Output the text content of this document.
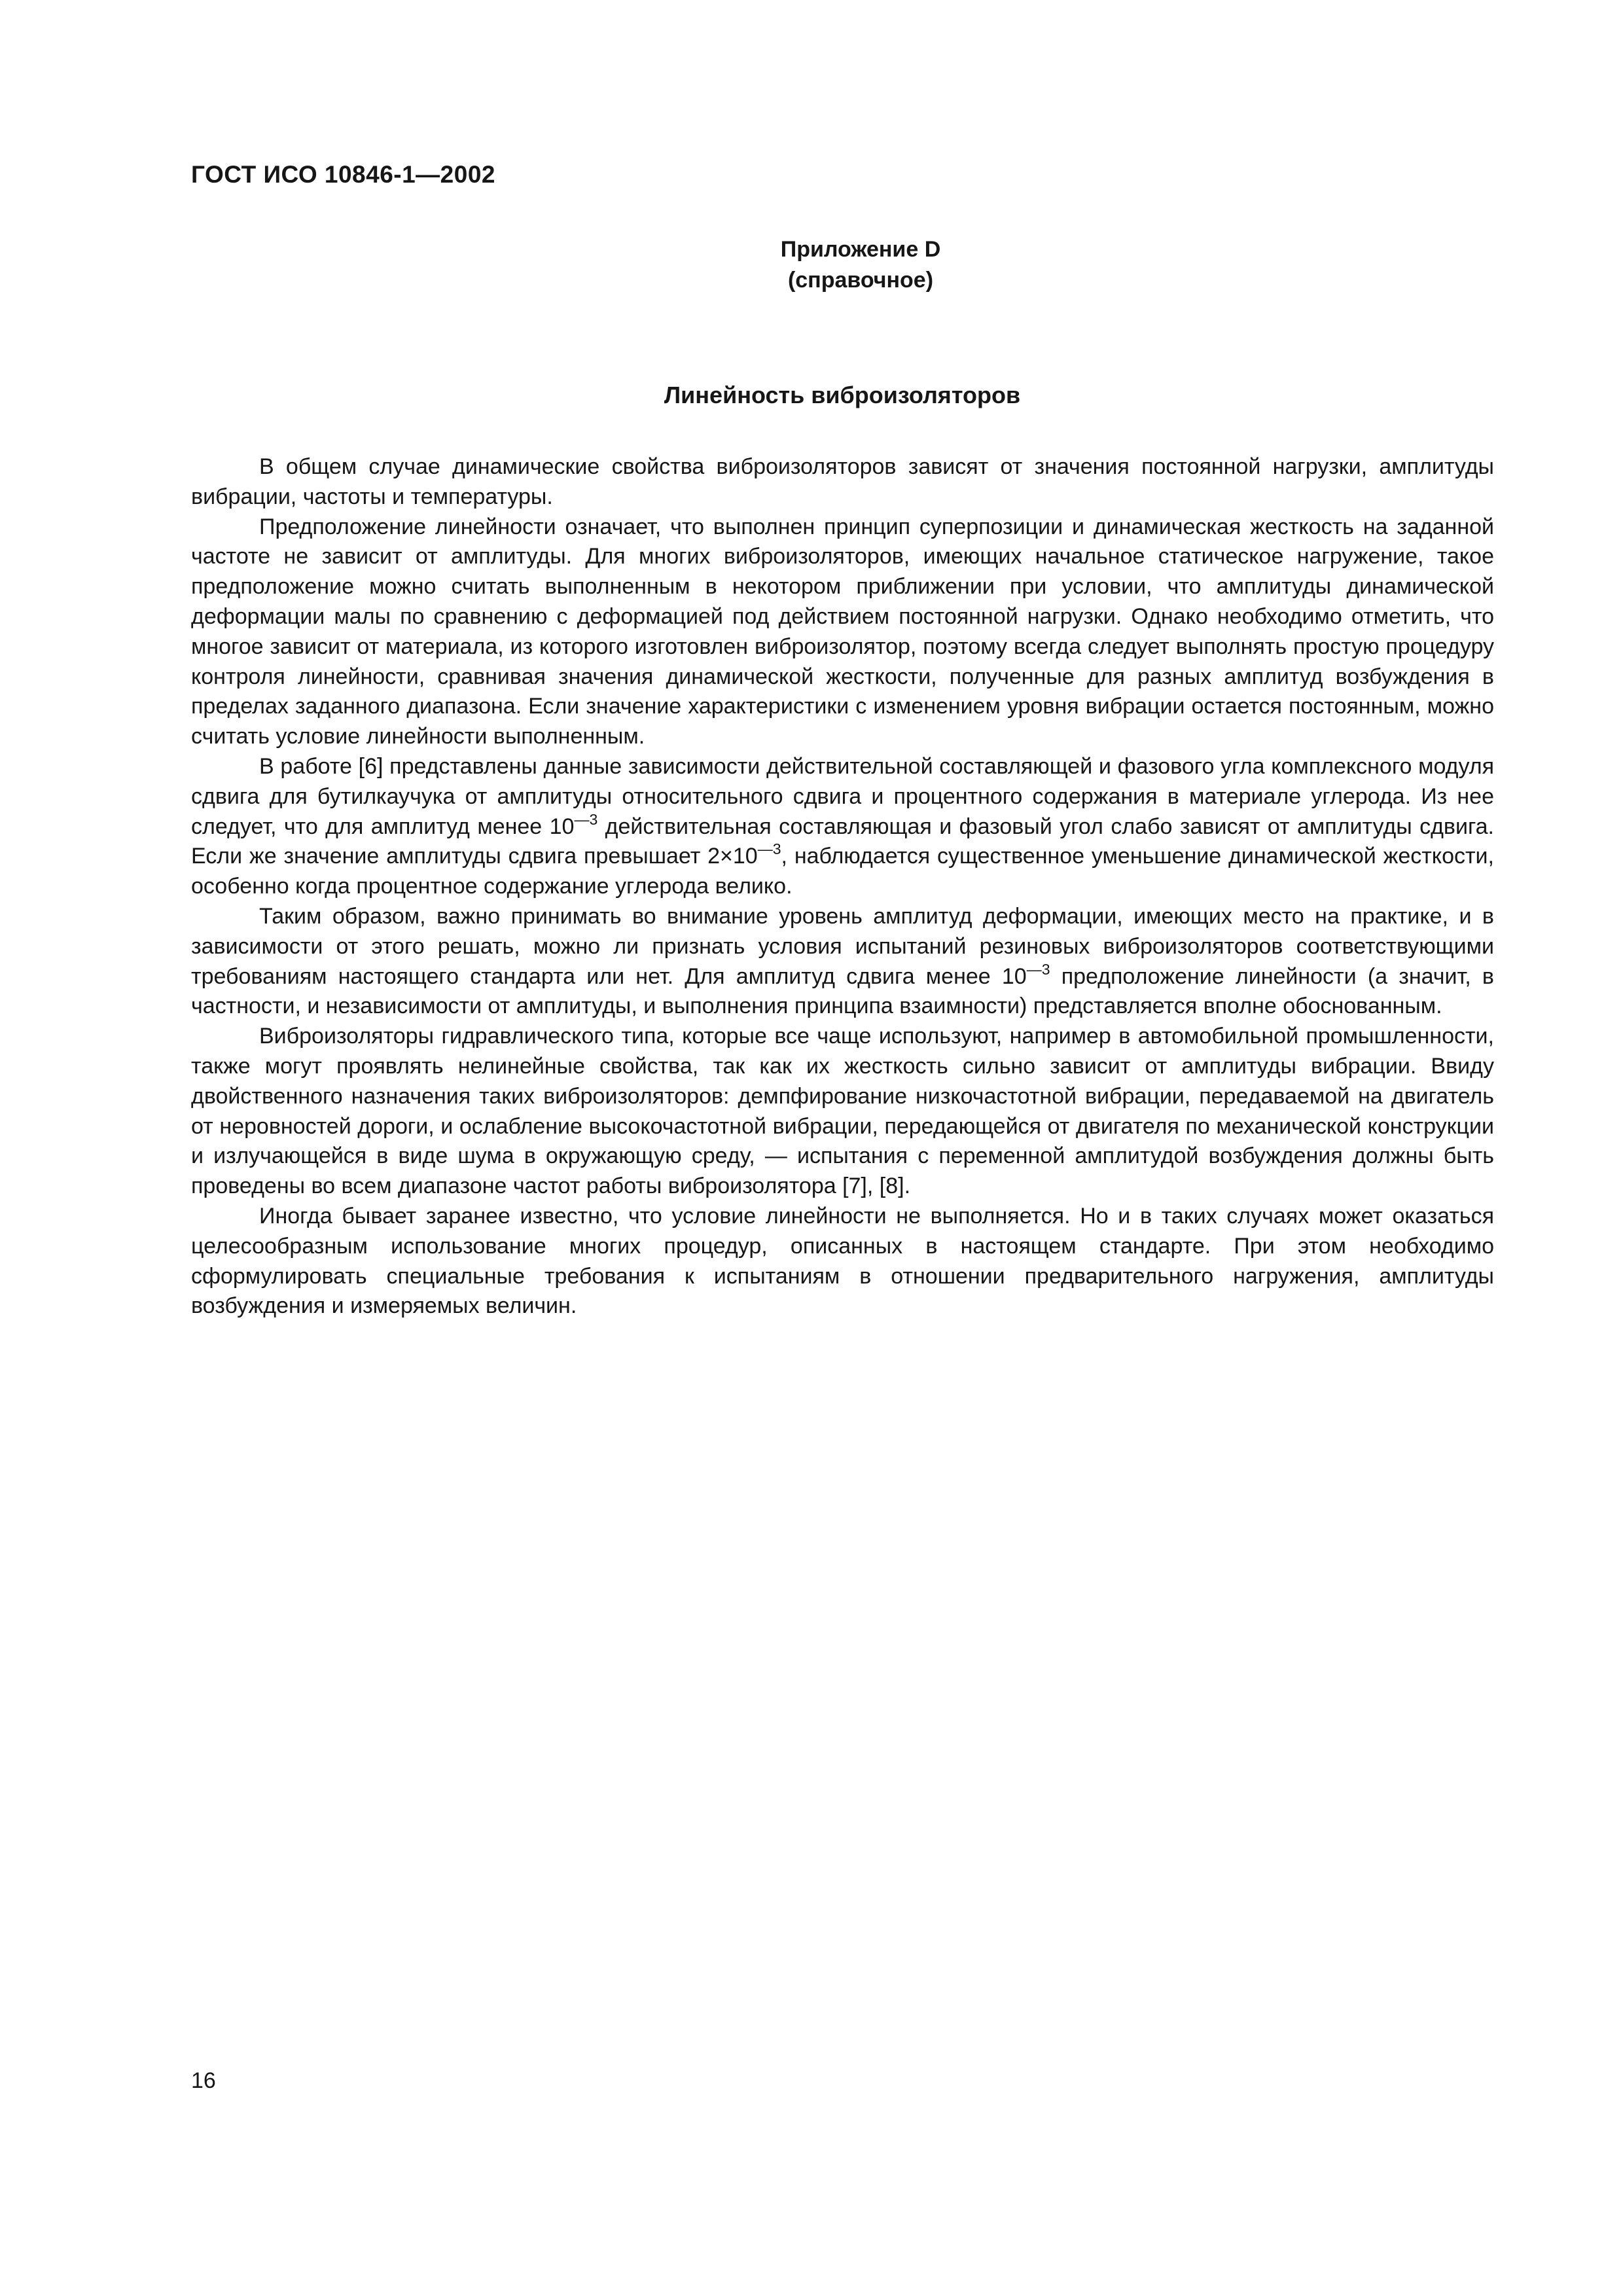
ГОСТ ИСО 10846-1—2002
Приложение D
(справочное)
Линейность виброизоляторов

В общем случае динамические свойства виброизоляторов зависят от значения постоянной нагрузки, амплитуды вибрации, частоты и температуры.

Предположение линейности означает, что выполнен принцип суперпозиции и динамическая жесткость на заданной частоте не зависит от амплитуды. Для многих виброизоляторов, имеющих начальное статическое нагружение, такое предположение можно считать выполненным в некотором приближении при условии, что амплитуды динамической деформации малы по сравнению с деформацией под действием постоянной нагрузки. Однако необходимо отметить, что многое зависит от материала, из которого изготовлен виброизолятор, поэтому всегда следует выполнять простую процедуру контроля линейности, сравнивая значения динамической жесткости, полученные для разных амплитуд возбуждения в пределах заданного диапазона. Если значение характеристики с изменением уровня вибрации остается постоянным, можно считать условие линейности выполненным.

В работе [6] представлены данные зависимости действительной составляющей и фазового угла комплексного модуля сдвига для бутилкаучука от амплитуды относительного сдвига и процентного содержания в материале углерода. Из нее следует, что для амплитуд менее $10^{—3}$ действительная составляющая и фазовый угол слабо зависят от амплитуды сдвига. Если же значение амплитуды сдвига превышает $2\times 10^{—3}$, наблюдается существенное уменьшение динамической жесткости, особенно когда процентное содержание углерода велико.

Таким образом, важно принимать во внимание уровень амплитуд деформации, имеющих место на практике, и в зависимости от этого решать, можно ли признать условия испытаний резиновых виброизоляторов соответствующими требованиям настоящего стандарта или нет. Для амплитуд сдвига менее $10^{—3}$ предположение линейности (а значит, в частности, и независимости от амплитуды, и выполнения принципа взаимности) представляется вполне обоснованным.

Виброизоляторы гидравлического типа, которые все чаще используют, например в автомобильной промышленности, также могут проявлять нелинейные свойства, так как их жесткость сильно зависит от амплитуды вибрации. Ввиду двойственного назначения таких виброизоляторов: демпфирование низкочастотной вибрации, передаваемой на двигатель от неровностей дороги, и ослабление высокочастотной вибрации, передающейся от двигателя по механической конструкции и излучающейся в виде шума в окружающую среду, — испытания с переменной амплитудой возбуждения должны быть проведены во всем диапазоне частот работы виброизолятора [7], [8].

Иногда бывает заранее известно, что условие линейности не выполняется. Но и в таких случаях может оказаться целесообразным использование многих процедур, описанных в настоящем стандарте. При этом необходимо сформулировать специальные требования к испытаниям в отношении предварительного нагружения, амплитуды возбуждения и измеряемых величин.

16
